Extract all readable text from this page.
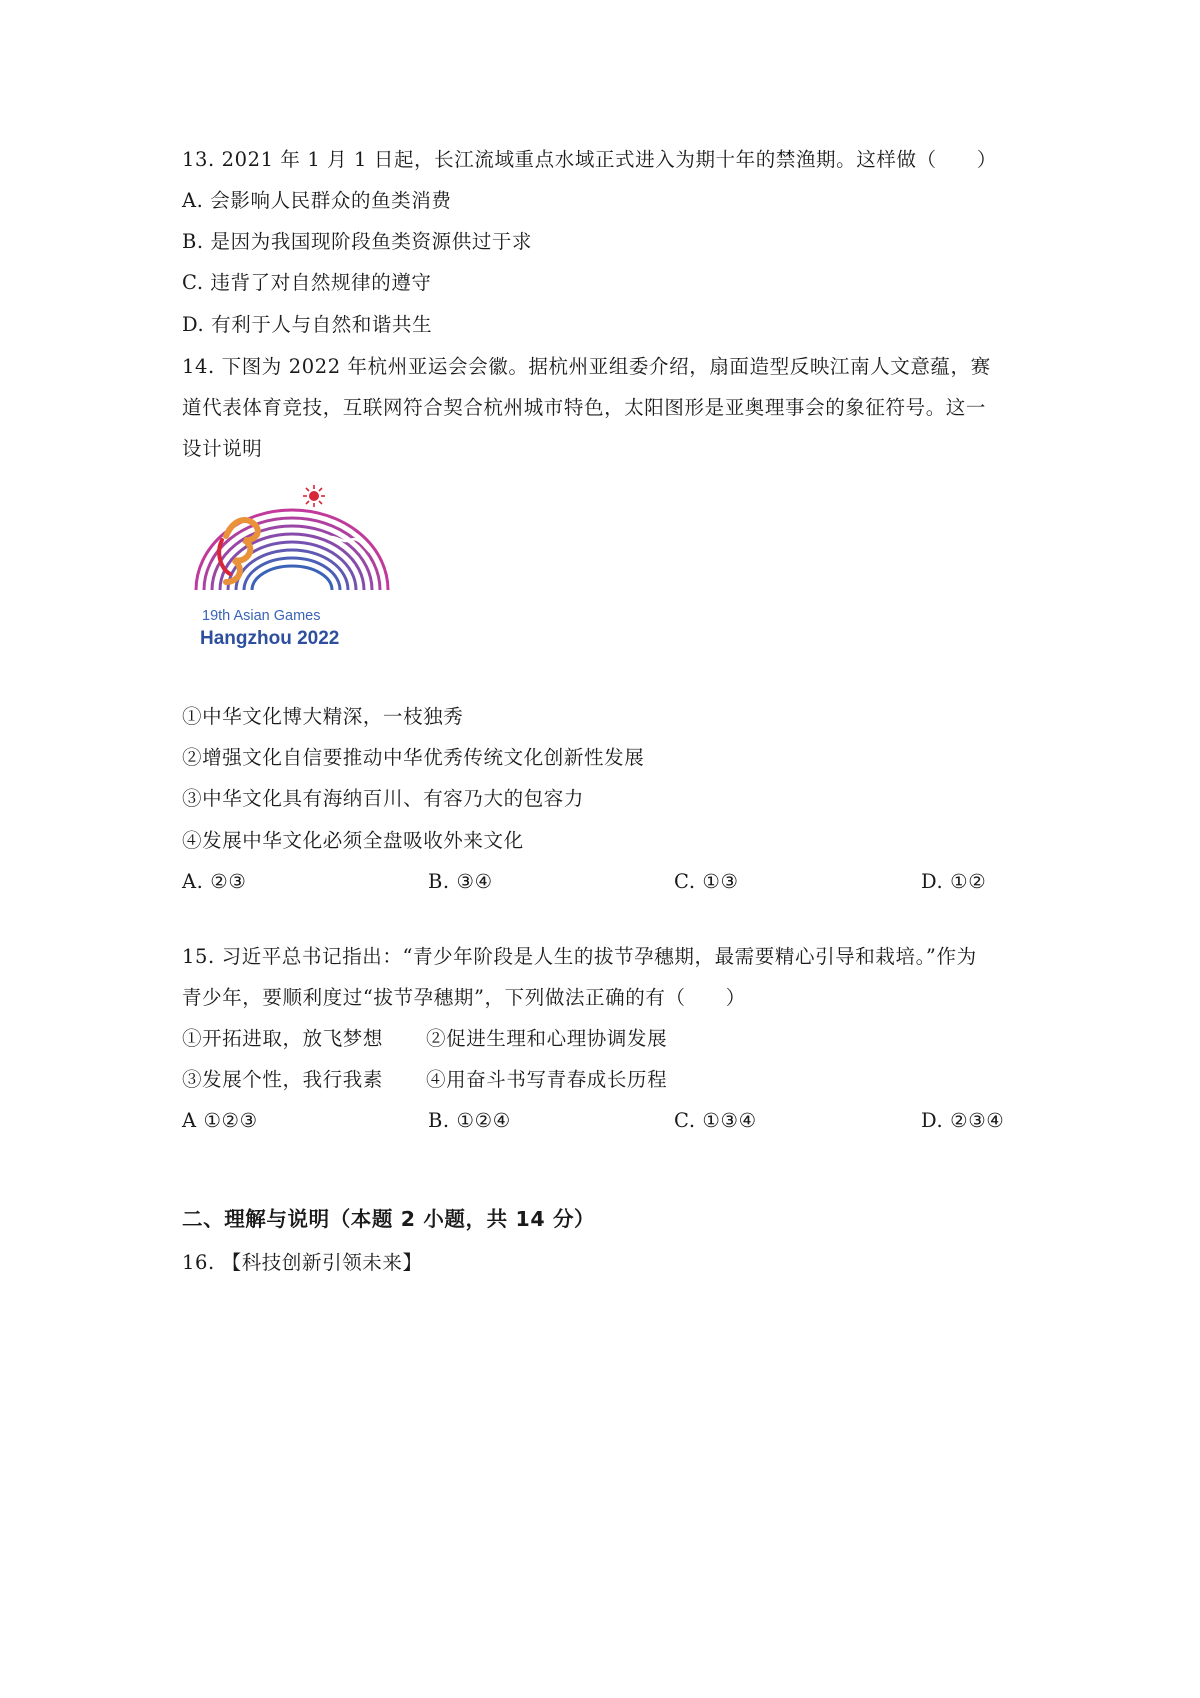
13. 2021 年 1 月 1 日起，长江流域重点水域正式进入为期十年的禁渔期。这样做（　　）
A. 会影响人民群众的鱼类消费
B. 是因为我国现阶段鱼类资源供过于求
C. 违背了对自然规律的遵守
D. 有利于人与自然和谐共生
14. 下图为 2022 年杭州亚运会会徽。据杭州亚组委介绍，扇面造型反映江南人文意蕴，赛
道代表体育竞技，互联网符合契合杭州城市特色，太阳图形是亚奥理事会的象征符号。这一
设计说明
19th Asian Games
Hangzhou 2022
①中华文化博大精深，一枝独秀
②增强文化自信要推动中华优秀传统文化创新性发展
③中华文化具有海纳百川、有容乃大的包容力
④发展中华文化必须全盘吸收外来文化
A. ②③	B. ③④	C. ①③	D. ①②
15. 习近平总书记指出：“青少年阶段是人生的拔节孕穗期，最需要精心引导和栽培。”作为
青少年，要顺利度过“拔节孕穗期”，下列做法正确的有（　　）
①开拓进取，放飞梦想 ②促进生理和心理协调发展
③发展个性，我行我素 ④用奋斗书写青春成长历程
A ①②③	B. ①②④	C. ①③④	D. ②③④
二、理解与说明（本题 2 小题，共 14 分）
16. 【科技创新引领未来】
